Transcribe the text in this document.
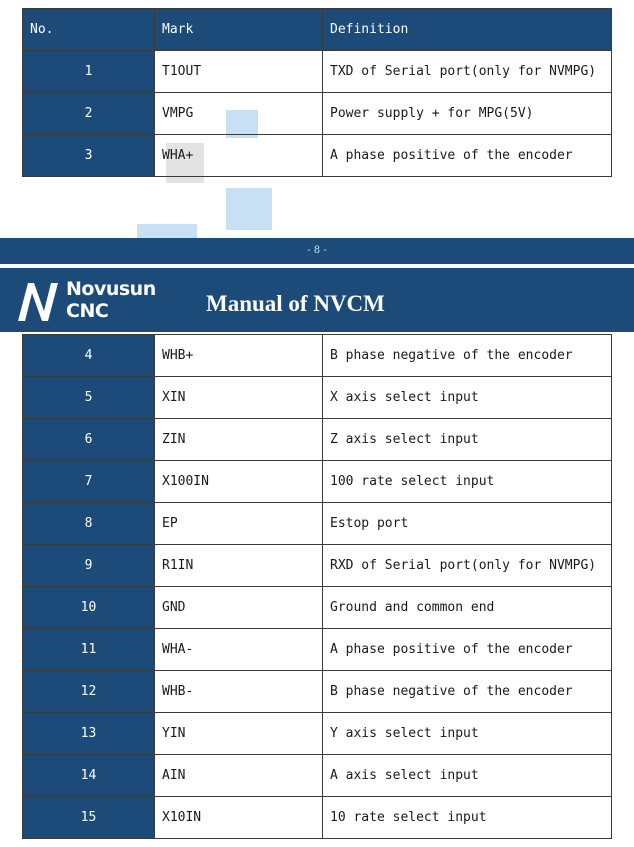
No.	Mark	Definition
1	T1OUT	TXD of Serial port(only for NVMPG)
2	VMPG	Power supply + for MPG(5V)
3	WHA+	A phase positive of the encoder
- 8 -
Novusun
CNC	Manual of NVCM
4	WHB+	B phase negative of the encoder
5	XIN	X axis select input
6	ZIN	Z axis select input
7	X100IN	100 rate select input
8	EP	Estop port
9	R1IN	RXD of Serial port(only for NVMPG)
10	GND	Ground and common end
11	WHA-	A phase positive of the encoder
12	WHB-	B phase negative of the encoder
13	YIN	Y axis select input
14	AIN	A axis select input
15	X10IN	10 rate select input
